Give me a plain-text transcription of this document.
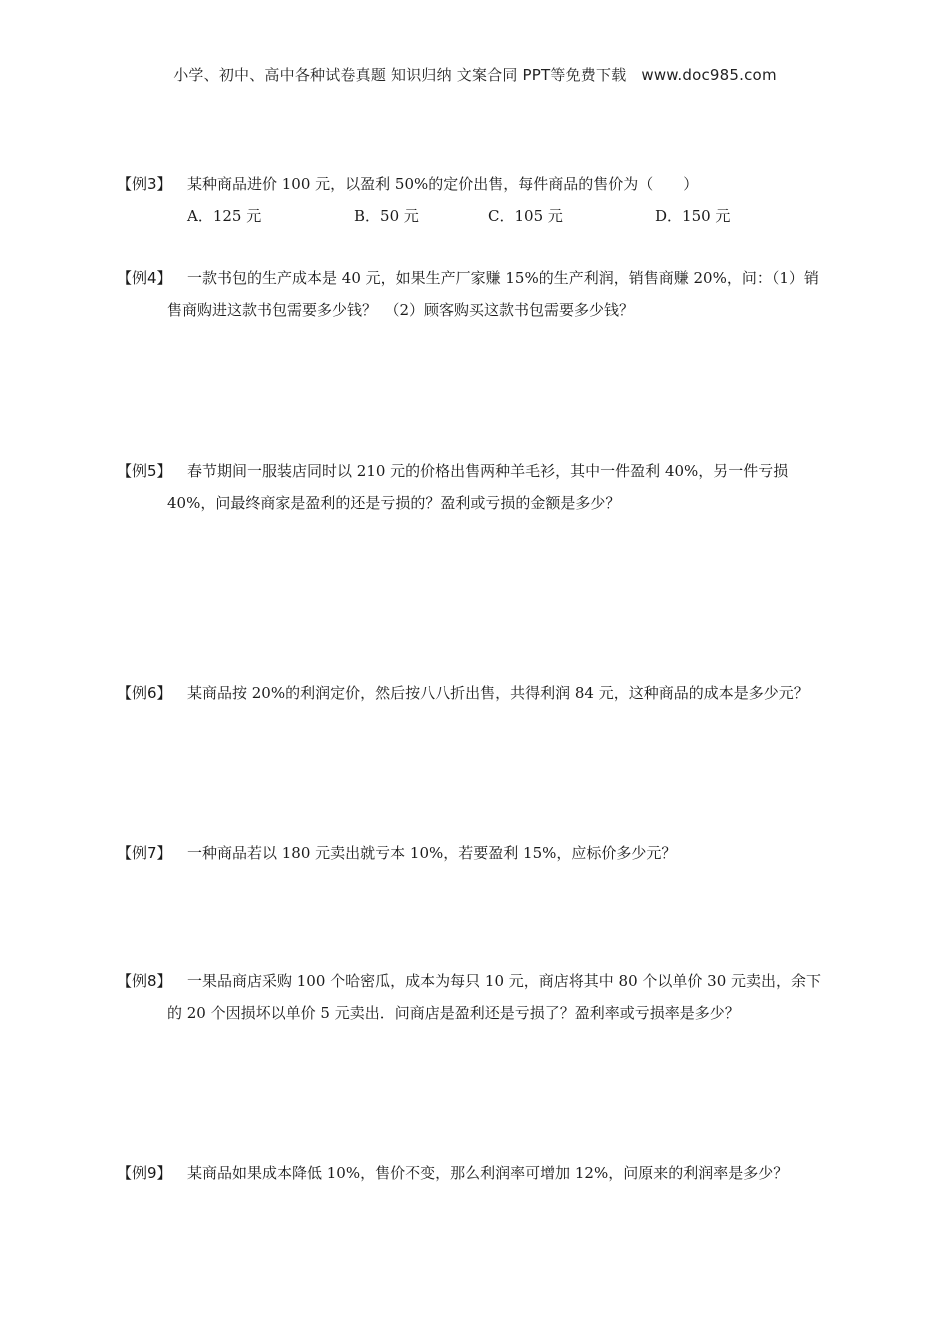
小学、初中、高中各种试卷真题 知识归纳 文案合同 PPT等免费下载 www.doc985.com
【例3】 某种商品进价 100 元，以盈利 50%的定价出售，每件商品的售价为（　　）
A．125 元	B．50 元	C．105 元	D．150 元
【例4】 一款书包的生产成本是 40 元，如果生产厂家赚 15%的生产利润，销售商赚 20%，问：（1）销
售商购进这款书包需要多少钱？　（2）顾客购买这款书包需要多少钱？
【例5】 春节期间一服装店同时以 210 元的价格出售两种羊毛衫，其中一件盈利 40%，另一件亏损
40%，问最终商家是盈利的还是亏损的？盈利或亏损的金额是多少？
【例6】 某商品按 20%的利润定价，然后按八八折出售，共得利润 84 元，这种商品的成本是多少元？
【例7】 一种商品若以 180 元卖出就亏本 10%，若要盈利 15%，应标价多少元？
【例8】 一果品商店采购 100 个哈密瓜，成本为每只 10 元，商店将其中 80 个以单价 30 元卖出，余下
的 20 个因损坏以单价 5 元卖出．问商店是盈利还是亏损了？盈利率或亏损率是多少？
【例9】 某商品如果成本降低 10%，售价不变，那么利润率可增加 12%，问原来的利润率是多少？
